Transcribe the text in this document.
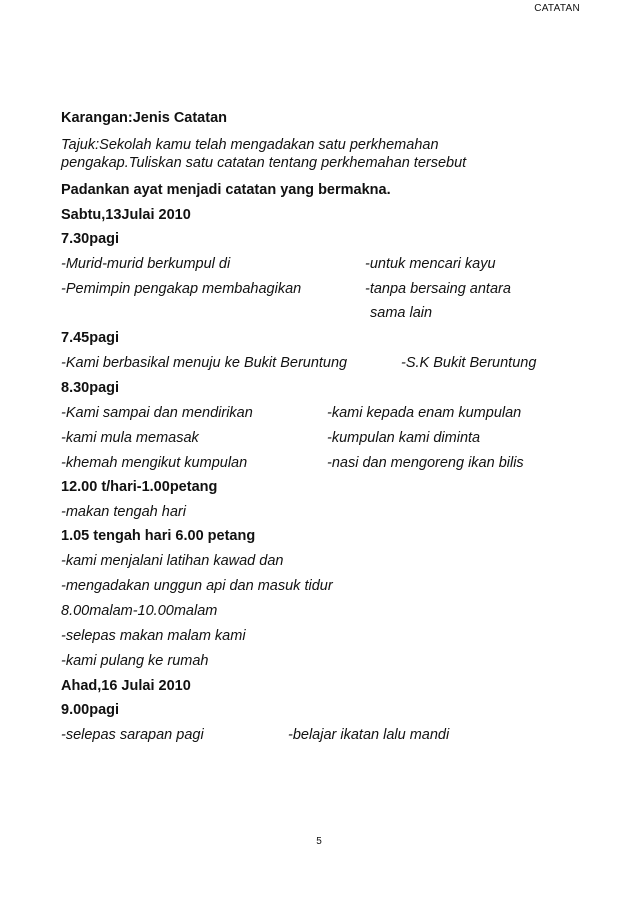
CATATAN
Karangan:Jenis Catatan
Tajuk:Sekolah kamu telah mengadakan satu perkhemahan
pengakap.Tuliskan satu catatan tentang perkhemahan tersebut
Padankan ayat menjadi catatan yang bermakna.
Sabtu,13Julai 2010
7.30pagi
-Murid-murid berkumpul di	-untuk mencari kayu
-Pemimpin pengakap membahagikan	-tanpa bersaing antara
sama lain
7.45pagi
-Kami berbasikal menuju ke Bukit Beruntung	-S.K Bukit Beruntung
8.30pagi
-Kami sampai dan mendirikan	-kami kepada enam kumpulan
-kami mula memasak	-kumpulan kami diminta
-khemah mengikut kumpulan	-nasi dan mengoreng ikan bilis
12.00 t/hari-1.00petang
-makan tengah hari
1.05 tengah hari 6.00 petang
-kami menjalani latihan kawad dan
-mengadakan unggun api dan masuk tidur
8.00malam-10.00malam
-selepas makan malam kami
-kami pulang ke rumah
Ahad,16 Julai 2010
9.00pagi
-selepas sarapan pagi	-belajar ikatan lalu mandi
5
